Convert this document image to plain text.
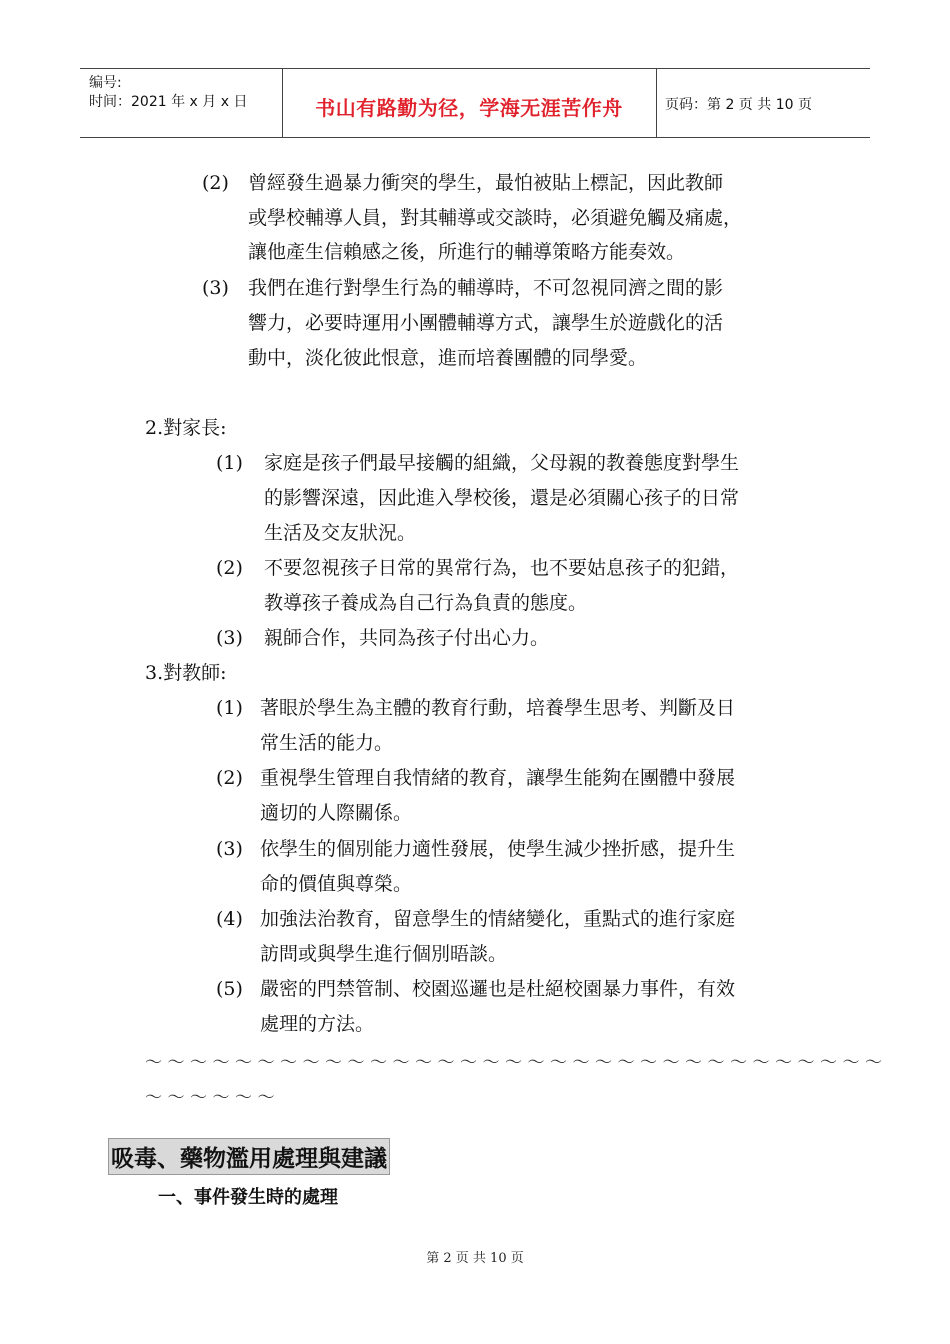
编号:
时间：2021 年 x 月 x 日	书山有路勤为径，学海无涯苦作舟	页码：第 2 页 共 10 页
(2) 曾經發生過暴力衝突的學生，最怕被貼上標記，因此教師
或學校輔導人員，對其輔導或交談時，必須避免觸及痛處，
讓他產生信賴感之後，所進行的輔導策略方能奏效。
(3) 我們在進行對學生行為的輔導時，不可忽視同濟之間的影
響力，必要時運用小團體輔導方式，讓學生於遊戲化的活
動中，淡化彼此恨意，進而培養團體的同學愛。
2.對家長:
(1) 家庭是孩子們最早接觸的組織，父母親的教養態度對學生
的影響深遠，因此進入學校後，還是必須關心孩子的日常
生活及交友狀況。
(2) 不要忽視孩子日常的異常行為，也不要姑息孩子的犯錯，
教導孩子養成為自己行為負責的態度。
(3) 親師合作，共同為孩子付出心力。
3.對教師:
(1) 著眼於學生為主體的教育行動，培養學生思考、判斷及日
常生活的能力。
(2) 重視學生管理自我情緒的教育，讓學生能夠在團體中發展
適切的人際關係。
(3) 依學生的個別能力適性發展，使學生減少挫折感，提升生
命的價值與尊榮。
(4) 加強法治教育，留意學生的情緒變化，重點式的進行家庭
訪問或與學生進行個別晤談。
(5) 嚴密的門禁管制、校園巡邏也是杜絕校園暴力事件，有效
處理的方法。
～～～～～～～～～～～～～～～～～～～～～～～～～～～～～～～～～
～～～～～～
吸毒、藥物濫用處理與建議
一、事件發生時的處理
第 2 页 共 10 页
